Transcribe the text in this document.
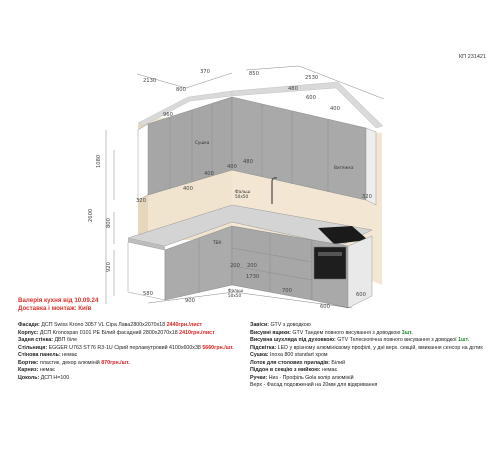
2130
370	850
2530
800
960
480
600
400
400
400
400
480
1080
2600
800
920
320
320
580
900
200 200
1730
700
600
600
Сушка
Витяжка
Фальш 50х50
Фальш 50х50
ТБК
КП 231421
Валерія кухня від 10.09.24
Доставка і монтаж: Київ
Фасади: ДСП Swiss Krono 3057 VL Сіра Лава2800х2070х18 2440грн./лист
Корпус: ДСП Kronospan 0101 PE Білий фасадний 2800х2070х18 2410грн./лист
Задня стінка: ДВП біле
Стільниця: EGGER U763 ST76 R3-1U Сірий перламутровий 4100х600х38 5660грн./шт.
Стінова панель: немає
Бортик: пластик, декор алюміній 870грн./шт.
Карниз: немає
Цоколь: ДСП Н=100
Завіси: GTV з доводкою
Висувні ящики: GTV Тандем повного висування з доводкою 3шт.
Висувна шухляда під духовкою: GTV Телескопічна повного висування з доводкої 1шт.
Підсвітка: LED у врізному алюмінієвому профілі, у дні верх. секцій, вмикання сенсор на дотик
Сушка: Inoxa 800 standart хром
Лоток для столових приладів: Білий
Піддон в секцію з мийкою: немає
Ручки: Низ - Профіль Gola колір алюміній
Верх - Фасад подовжений на 20мм для відкривання
